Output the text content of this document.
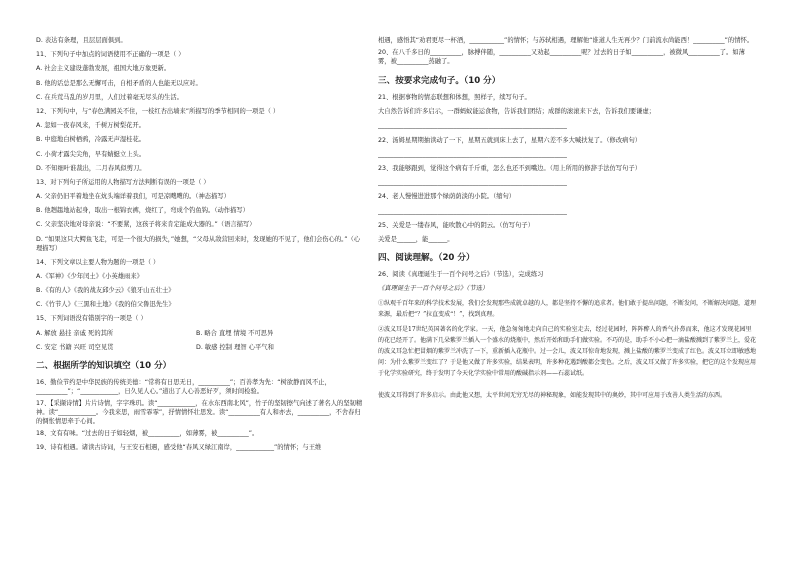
D. 表达有条理，且层层面俱到。
11、下列句子中加点的词语使用不正确的一项是（ ）
A. 社会主义建设蓬勃发展，祖国大地万象更新。
B. 他的话总是那么无懈可击，自相矛盾的人也能无以应对。
C. 在兵荒马乱的岁月里，人们过着毫无尽头的生活。
12、下列句中，与“春色满园关不住，一枝红杏出墙来”所描写的季节相同的一项是（ ）
A. 忽如一夜春风来，千树万树梨花开。
B. 中庭地白树栖鸦，冷露无声湿桂花。
C. 小荷才露尖尖角，早有蜻蜓立上头。
D. 不知细叶谁裁出，二月春风似剪刀。
13、对下列句子所运用的人物描写方法判断有误的一项是（ ）
A. 父亲仍旧平着地坐在炕头端详着我们，可是凉飕飕的。（神态描写）
B. 他趔趄地站起身，取出一根锦衣裤，烧红了，弯成个钓鱼钩。（动作描写）
C. 父亲坚决地对母亲说：“不要紧，这孩子将来肯定能成大器的。”（语言描写）
D. “如果这只大鳄鱼飞走，可是一个很大的损失，”她想，“父母从敌营回来时，发现她的不见了，他们会伤心的。”（心理描写）
14、下列文章以主要人物为题的一项是（ ）
A.《军神》《少年闰土》《小英雄雨来》
B.《有的人》《我的战友邱少云》《狼牙山五壮士》
C.《竹节人》《三黑和土地》《我的伯父鲁迅先生》
15、下列词语没有错别字的一项是（ ）
A. 解放 悬挂 亲戚 死的其所	B. 略合 直埋 情境 不可思异
C. 安定 书籍 兴旺 司空见贯	D. 敏感 控制 理智 心平气和
二、根据所学的知识填空（10 分）
16、勤俭节约是中华民族的传统美德：“常将有日思无日，__________”；百善孝为先：“树欲静而风不止，__________”；“____________，日久见人心。”道出了人心善恶好歹，须时间检验。
17、【采撷诗情】片片诗情，字字珠玑。读“____________，在水东西南北风”，竹子的坚韧擦气向述了著名人的坚韧精神。读“____________。今我来思，雨雪霏霏”，抒情情怀壮思发。读“__________有人和亦去，__________，不舍春归的惆怅情思牵于心间。
18、文有有味。“过去的日子如轻烟，被__________，如薄雾，被__________”。
19、诗有相遇。诸读古诗词，与王安石相遇，感受他“春风又绿江南岸，____________”的情怀；与王维
相遇，感悟其“劝君更尽一杯酒，___________”的情怀；与苏轼相遇，理解他“谁道人生无再少？门前流水尚能西！__________”的情怀。
20、在八千多日的__________，脉搏伴随，__________又劝起__________呢？过去的日子如__________，被微风__________了。如薄雾，被__________蒸融了。
三、按要求完成句子。（10 分）
21、根据事物的情态联想和体想，照样子，续写句子。
大自然告诉们许多启示，一群蚂蚁能运食物，告诉我们团结；成群的滚滚来下去，告诉我们要谦虚；
____________________________________________________________
22、汤姆星期期抽读动了一下，星期五就到床上去了，星期六差不多大喊扶复了。（修改病句）
____________________________________________________________
23、我能够跟到，觉得这个病有千斤重，怎么也还不到嘴边。（用上所用的修辞手法仿写句子）
____________________________________________________________
24、老人慢慢进进那个绿荫荫淡的小院。（缩句）
____________________________________________________________
25、关爱是一缕春风，能吹散心中的阴云。（仿写句子）
关爱是______，能______。
四、阅读理解。（20 分）
26、阅读《真理诞生于一百个问号之后》（节选），完成练习
《真理诞生于一百个问号之后》（节选）
①纵观千百年来的科学技术发展，我们会发现那些成就卓越的人，都是坚持不懈的追求者。他们敢于提出问题，不断发问，不断解决问题，道理来源，最后把“？”拉直变成“！”，找到真理。
②波义耳是17世纪英国著名的化学家。一天，他急匆匆地走向自己的实验室走去，经过花园时，阵阵醉人的香气扑鼻而来，他这才发现花园里的花已经开了。他满下几朵紫罗兰插入一个盛水的烧瓶中，然后开始和助手们做实验。不巧的是，助手不小心把一滴盐酸溅到了紫罗兰上，爱花的波义耳急忙把冒烟的紫罗兰冲洗了一下，重新插入花瓶中。过一会儿，波义耳惊奇地发现，溅上盐酸的紫罗兰变成了红色。波义耳立即敏感地问：为什么紫罗兰变红了？于是他又做了许多实验，结果表明，许多种花遇到酸都会变色。之后，波义耳又做了许多实验，把它的这个发现应用于化学实验研究，终于发明了今天化学实验中常用的酸碱指示剂——石蕊试纸。
使波义耳得到了许多启示。由此他又想，太平世间无穷无尽的神秘现象，如能发现其中的奥妙，其中可应用于改善人类生活的东西。
